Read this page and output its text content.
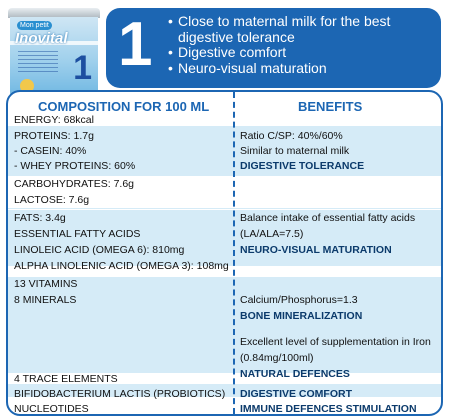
Mon petit
Inovital
1 1
•	Close to maternal milk for the best digestive tolerance
• Digestive comfort
• Neuro-visual maturation
COMPOSITION FOR 100 ML	BENEFITS
ENERGY: 68kcal
PROTEINS: 1.7g
- CASEIN: 40%
- WHEY PROTEINS: 60%
CARBOHYDRATES: 7.6g
LACTOSE: 7.6g
FATS: 3.4g
ESSENTIAL FATTY ACIDS
LINOLEIC ACID (OMEGA 6): 810mg
ALPHA LINOLENIC ACID (OMEGA 3): 108mg
13 VITAMINS
8 MINERALS
4 TRACE ELEMENTS
BIFIDOBACTERIUM LACTIS (PROBIOTICS)
NUCLEOTIDES
Ratio C/SP: 40%/60%
Similar to maternal milk
DIGESTIVE TOLERANCE
Balance intake of essential fatty acids
(LA/ALA=7.5)
NEURO-VISUAL MATURATION
Calcium/Phosphorus=1.3
BONE MINERALIZATION
Excellent level of supplementation in Iron
(0.84mg/100ml)
NATURAL DEFENCES
DIGESTIVE COMFORT
IMMUNE DEFENCES STIMULATION
